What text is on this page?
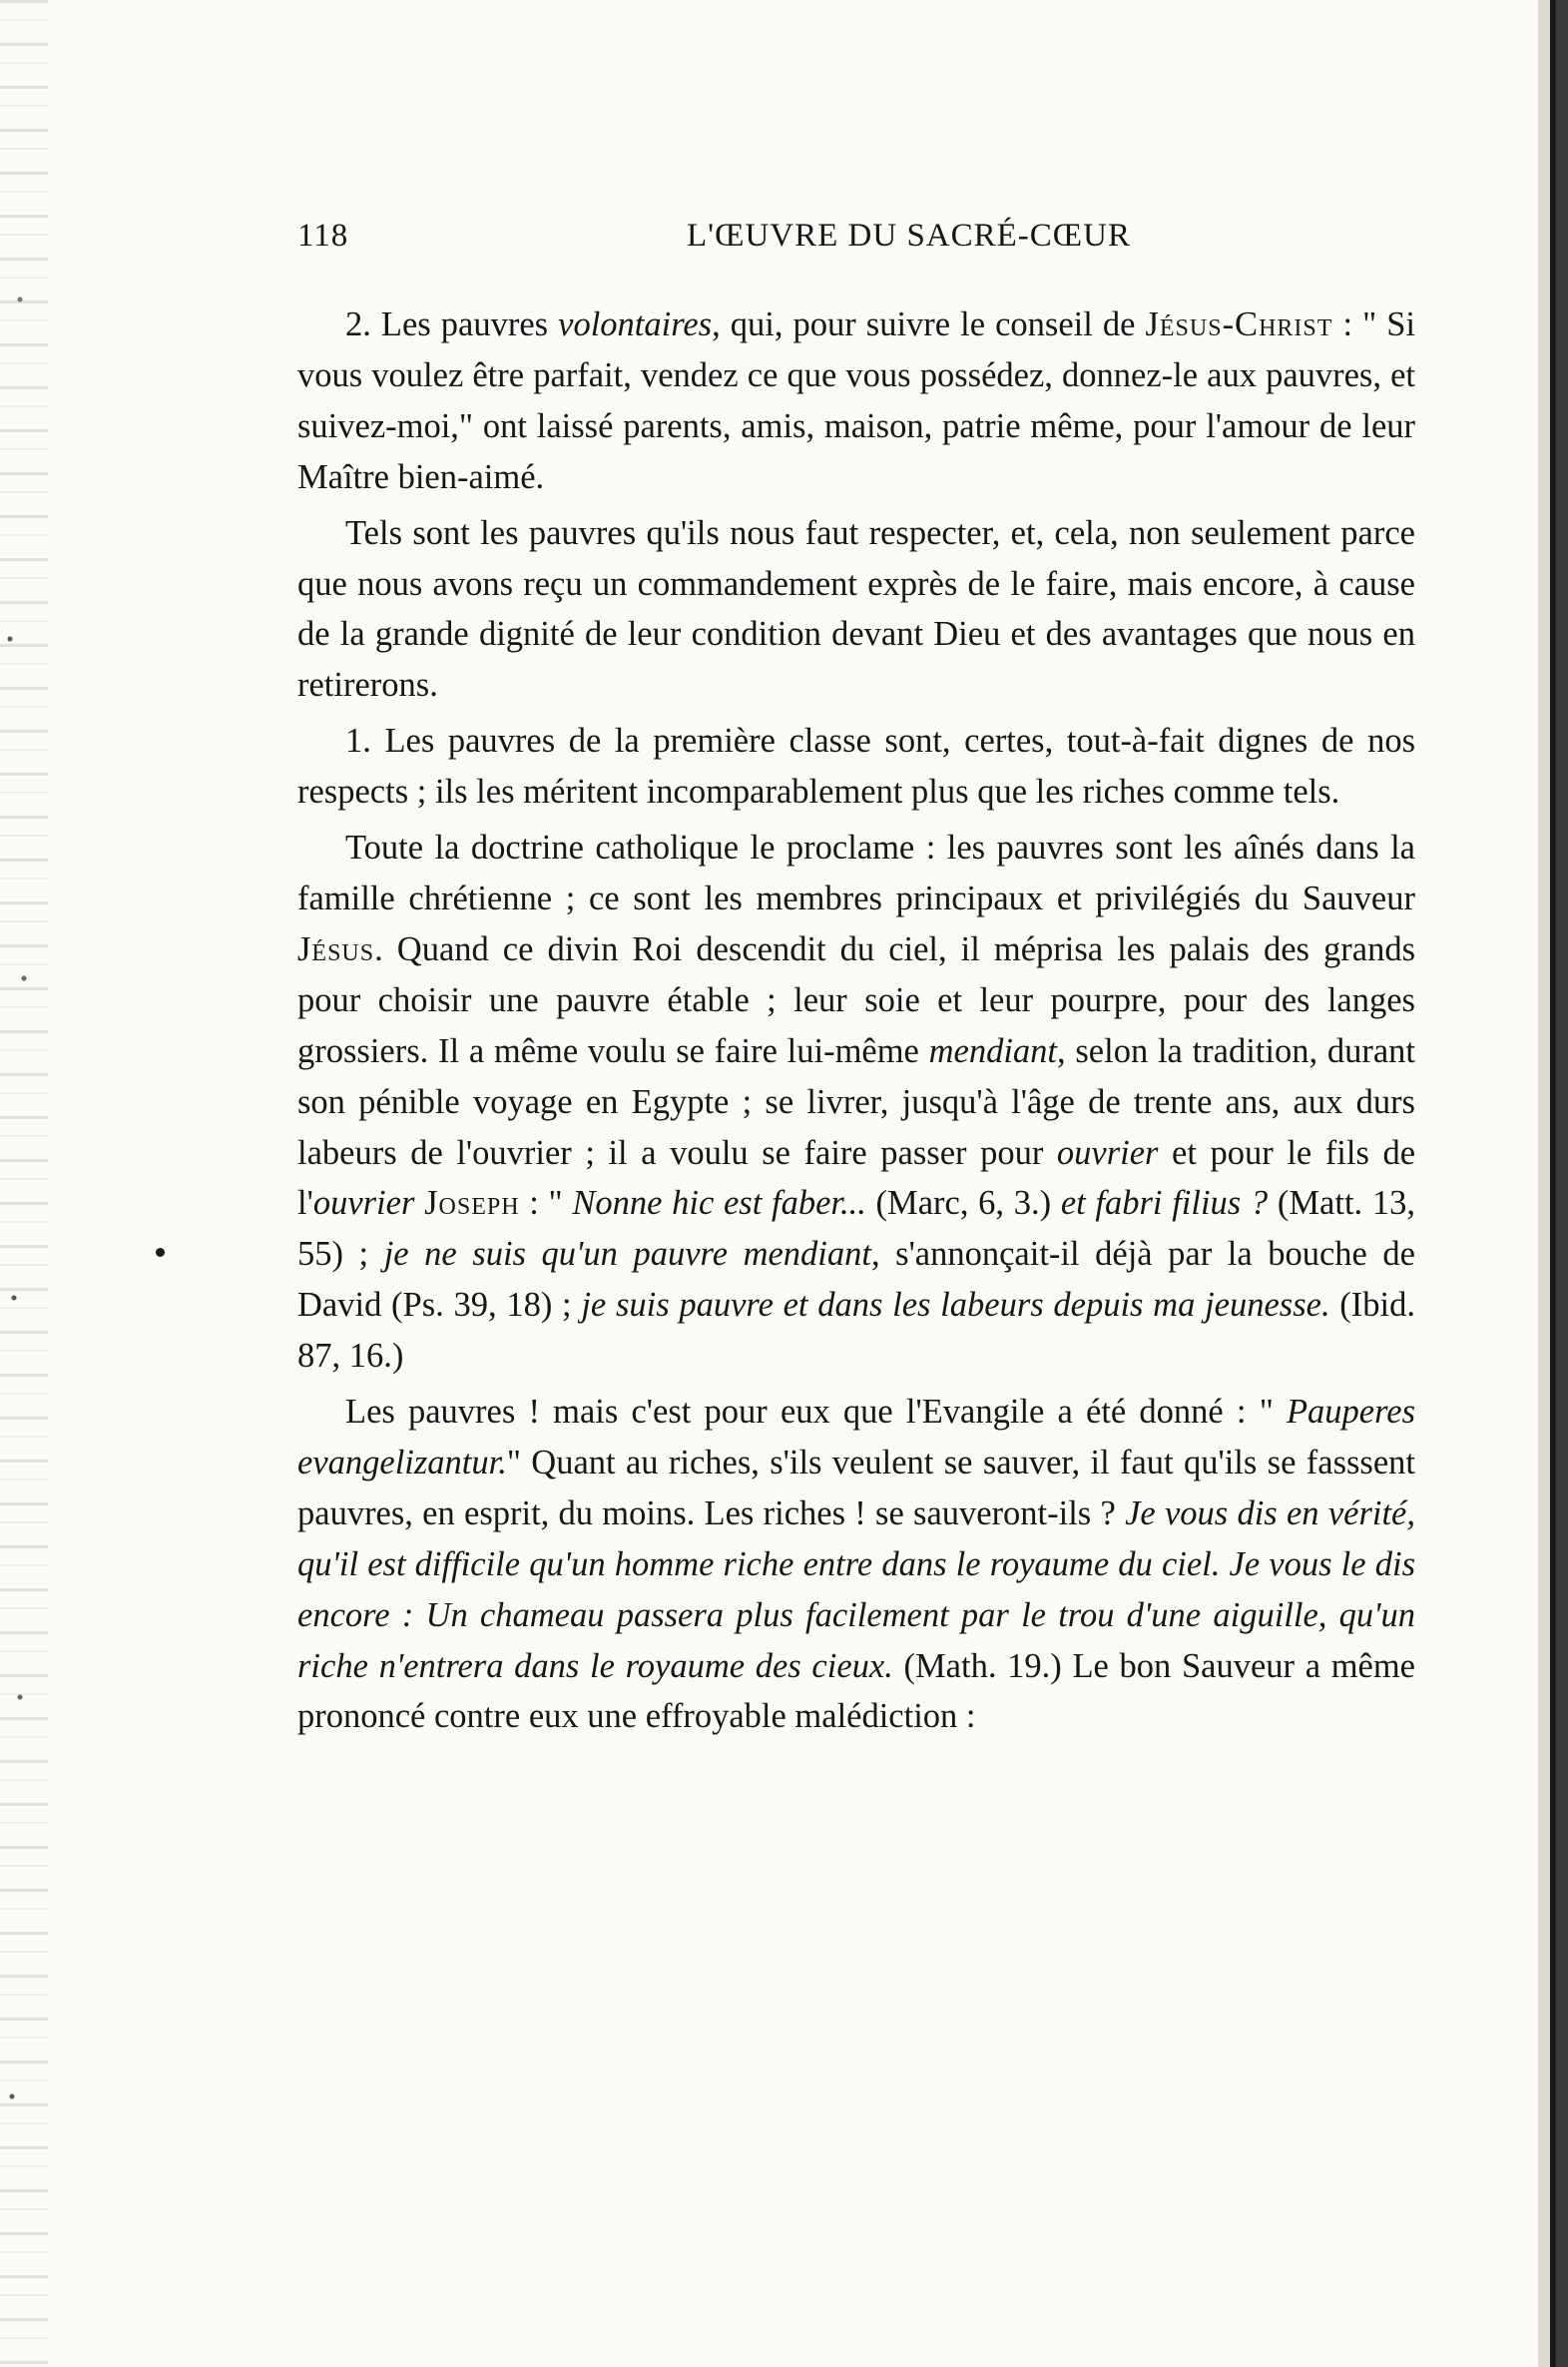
118	L'ŒUVRE DU SACRÉ-CŒUR

2. Les pauvres volontaires, qui, pour suivre le conseil de Jésus-Christ : " Si vous voulez être parfait, vendez ce que vous possédez, donnez-le aux pauvres, et suivez-moi," ont laissé parents, amis, maison, patrie même, pour l'amour de leur Maître bien-aimé.

Tels sont les pauvres qu'ils nous faut respecter, et, cela, non seulement parce que nous avons reçu un commandement exprès de le faire, mais encore, à cause de la grande dignité de leur condition devant Dieu et des avantages que nous en retirerons.

1. Les pauvres de la première classe sont, certes, tout-à-fait dignes de nos respects ; ils les méritent incomparablement plus que les riches comme tels.

Toute la doctrine catholique le proclame : les pauvres sont les aînés dans la famille chrétienne ; ce sont les membres principaux et privilégiés du Sauveur Jésus. Quand ce divin Roi descendit du ciel, il méprisa les palais des grands pour choisir une pauvre étable ; leur soie et leur pourpre, pour des langes grossiers. Il a même voulu se faire lui-même mendiant, selon la tradition, durant son pénible voyage en Egypte ; se livrer, jusqu'à l'âge de trente ans, aux durs labeurs de l'ouvrier ; il a voulu se faire passer pour ouvrier et pour le fils de l'ouvrier Joseph : " Nonne hic est faber... (Marc, 6, 3.) et fabri filius ? (Matt. 13, 55) ; je ne suis qu'un pauvre mendiant, s'annonçait-il déjà par la bouche de David (Ps. 39, 18) ; je suis pauvre et dans les labeurs depuis ma jeunesse. (Ibid. 87, 16.)

Les pauvres ! mais c'est pour eux que l'Evangile a été donné : " Pauperes evangelizantur." Quant au riches, s'ils veulent se sauver, il faut qu'ils se fasssent pauvres, en esprit, du moins. Les riches ! se sauveront-ils ? Je vous dis en vérité, qu'il est difficile qu'un homme riche entre dans le royaume du ciel. Je vous le dis encore : Un chameau passera plus facilement par le trou d'une aiguille, qu'un riche n'entrera dans le royaume des cieux. (Math. 19.) Le bon Sauveur a même prononcé contre eux une effroyable malédiction :
